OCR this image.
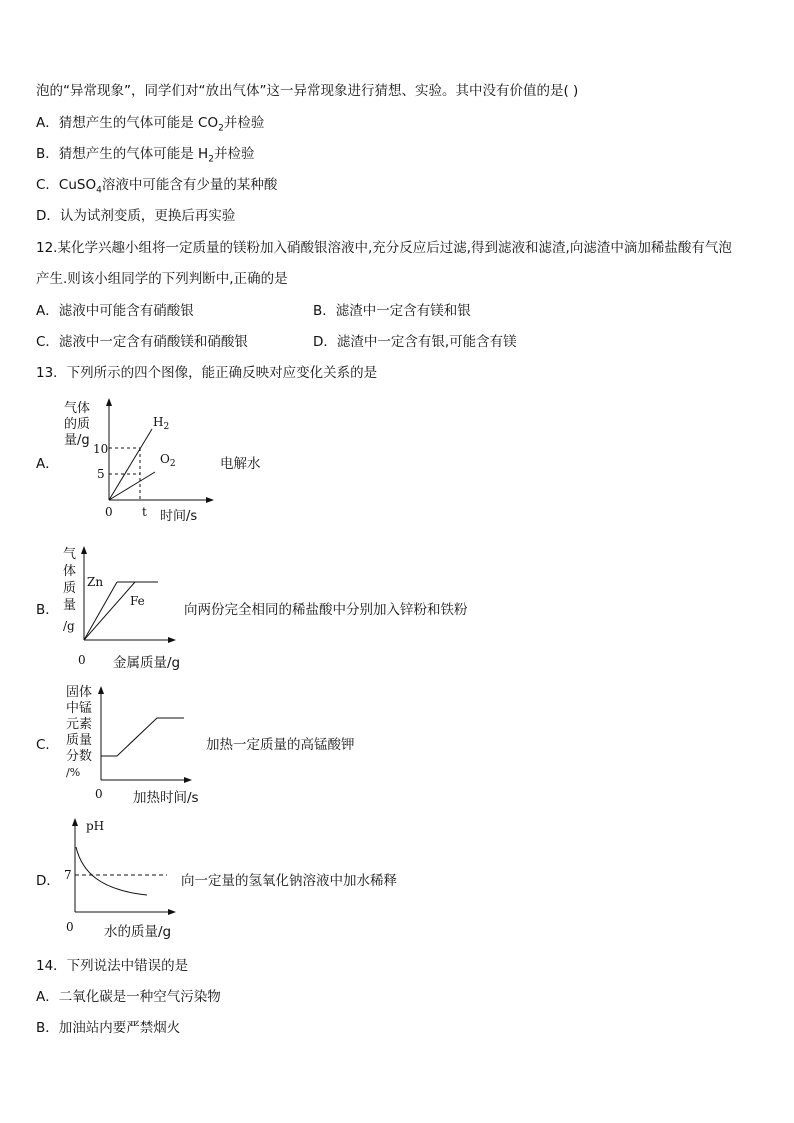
泡的“异常现象”，同学们对“放出气体”这一异常现象进行猜想、实验。其中没有价值的是( )
A．猜想产生的气体可能是 $CO_2$并检验
B．猜想产生的气体可能是 $H_2$并检验
C．CuSO$_4$溶液中可能含有少量的某种酸
D．认为试剂变质，更换后再实验
12.某化学兴趣小组将一定质量的镁粉加入硝酸银溶液中,充分反应后过滤,得到滤液和滤渣,向滤渣中滴加稀盐酸有气泡
产生.则该小组同学的下列判断中,正确的是
A．滤液中可能含有硝酸银	B．滤渣中一定含有镁和银
C．滤液中一定含有硝酸镁和硝酸银	D．滤渣中一定含有银,可能含有镁
13．下列所示的四个图像，能正确反映对应变化关系的是
A．
气体
的质
量/g
10
5
0 t 时间/s
$H_2$
$O_2$	电解水
B．
气
体
质
量
/g
Zn
Fe
0 金属质量/g
向两份完全相同的稀盐酸中分别加入锌粉和铁粉
C．
固体
中锰
元素
质量
分数
/%
0 加热时间/s
加热一定质量的高锰酸钾
D．
pH
7
0 水的质量/g
向一定量的氢氧化钠溶液中加水稀释
14．下列说法中错误的是
A．二氧化碳是一种空气污染物
B．加油站内要严禁烟火
